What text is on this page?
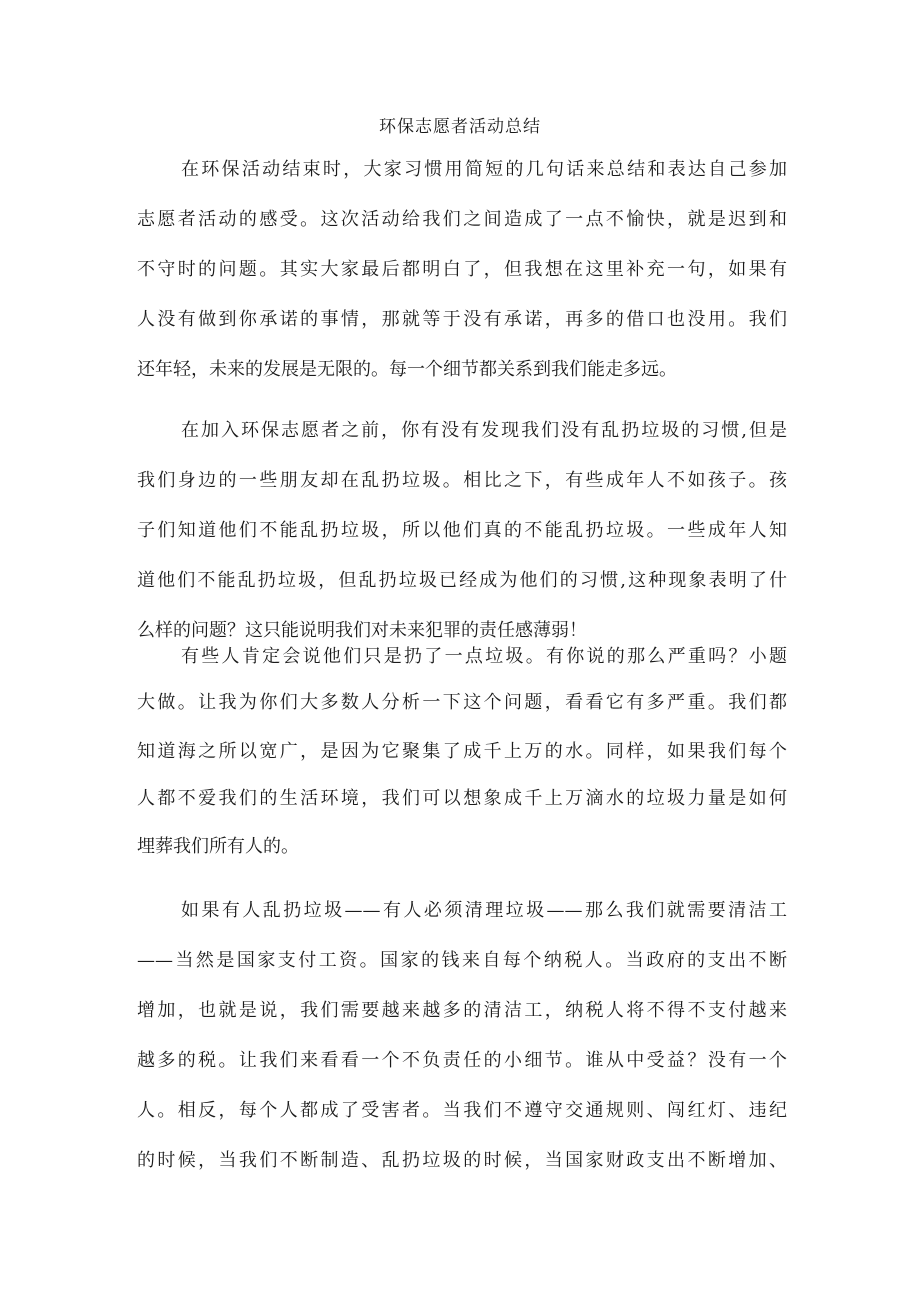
环保志愿者活动总结
在环保活动结束时，大家习惯用简短的几句话来总结和表达自己参加
志愿者活动的感受。这次活动给我们之间造成了一点不愉快，就是迟到和
不守时的问题。其实大家最后都明白了，但我想在这里补充一句，如果有
人没有做到你承诺的事情，那就等于没有承诺，再多的借口也没用。我们
还年轻，未来的发展是无限的。每一个细节都关系到我们能走多远。
在加入环保志愿者之前，你有没有发现我们没有乱扔垃圾的习惯,但是
我们身边的一些朋友却在乱扔垃圾。相比之下，有些成年人不如孩子。孩
子们知道他们不能乱扔垃圾，所以他们真的不能乱扔垃圾。一些成年人知
道他们不能乱扔垃圾，但乱扔垃圾已经成为他们的习惯,这种现象表明了什
么样的问题？这只能说明我们对未来犯罪的责任感薄弱！
有些人肯定会说他们只是扔了一点垃圾。有你说的那么严重吗？小题
大做。让我为你们大多数人分析一下这个问题，看看它有多严重。我们都
知道海之所以宽广，是因为它聚集了成千上万的水。同样，如果我们每个
人都不爱我们的生活环境，我们可以想象成千上万滴水的垃圾力量是如何
埋葬我们所有人的。
如果有人乱扔垃圾——有人必须清理垃圾——那么我们就需要清洁工
——当然是国家支付工资。国家的钱来自每个纳税人。当政府的支出不断
增加，也就是说，我们需要越来越多的清洁工，纳税人将不得不支付越来
越多的税。让我们来看看一个不负责任的小细节。谁从中受益？没有一个
人。相反，每个人都成了受害者。当我们不遵守交通规则、闯红灯、违纪
的时候，当我们不断制造、乱扔垃圾的时候，当国家财政支出不断增加、
